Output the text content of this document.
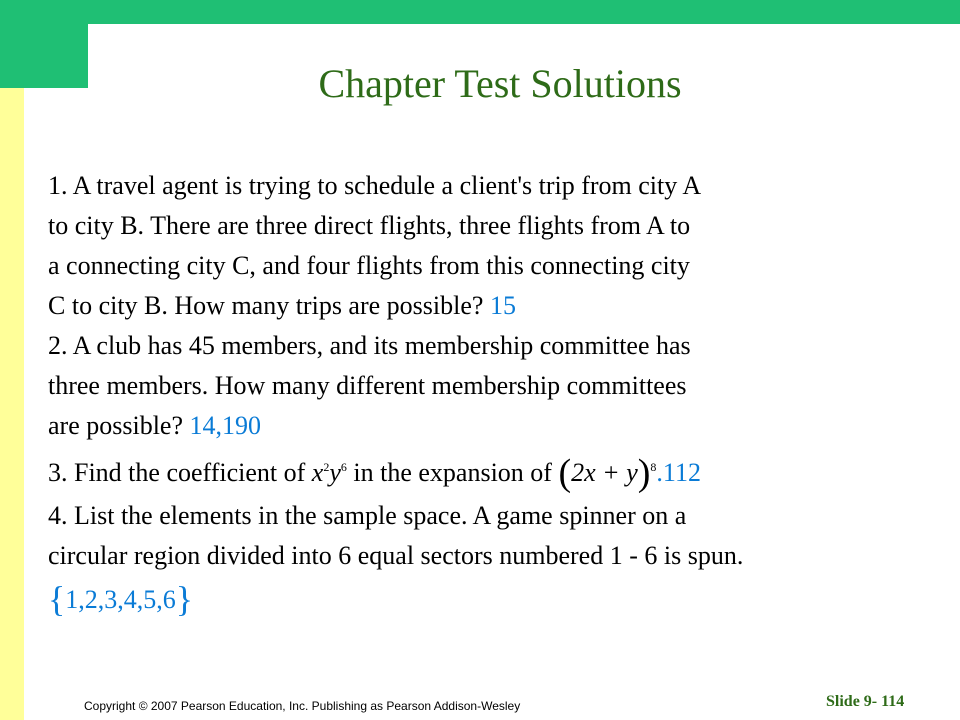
Chapter Test Solutions
1. A travel agent is trying to schedule a client's trip from city A
to city B. There are three direct flights, three flights from A to
a connecting city C, and four flights from this connecting city
C to city B. How many trips are possible? 15
2. A club has 45 members, and its membership committee has
three members. How many different membership committees
are possible? 14,190
3. Find the coefficient of $x^2y^6$ in the expansion of $(2x + y)^8.112$
4. List the elements in the sample space. A game spinner on a
circular region divided into 6 equal sectors numbered 1 - 6 is spun.
{1,2,3,4,5,6}
Copyright © 2007 Pearson Education, Inc. Publishing as Pearson Addison-Wesley	Slide 9- 114
